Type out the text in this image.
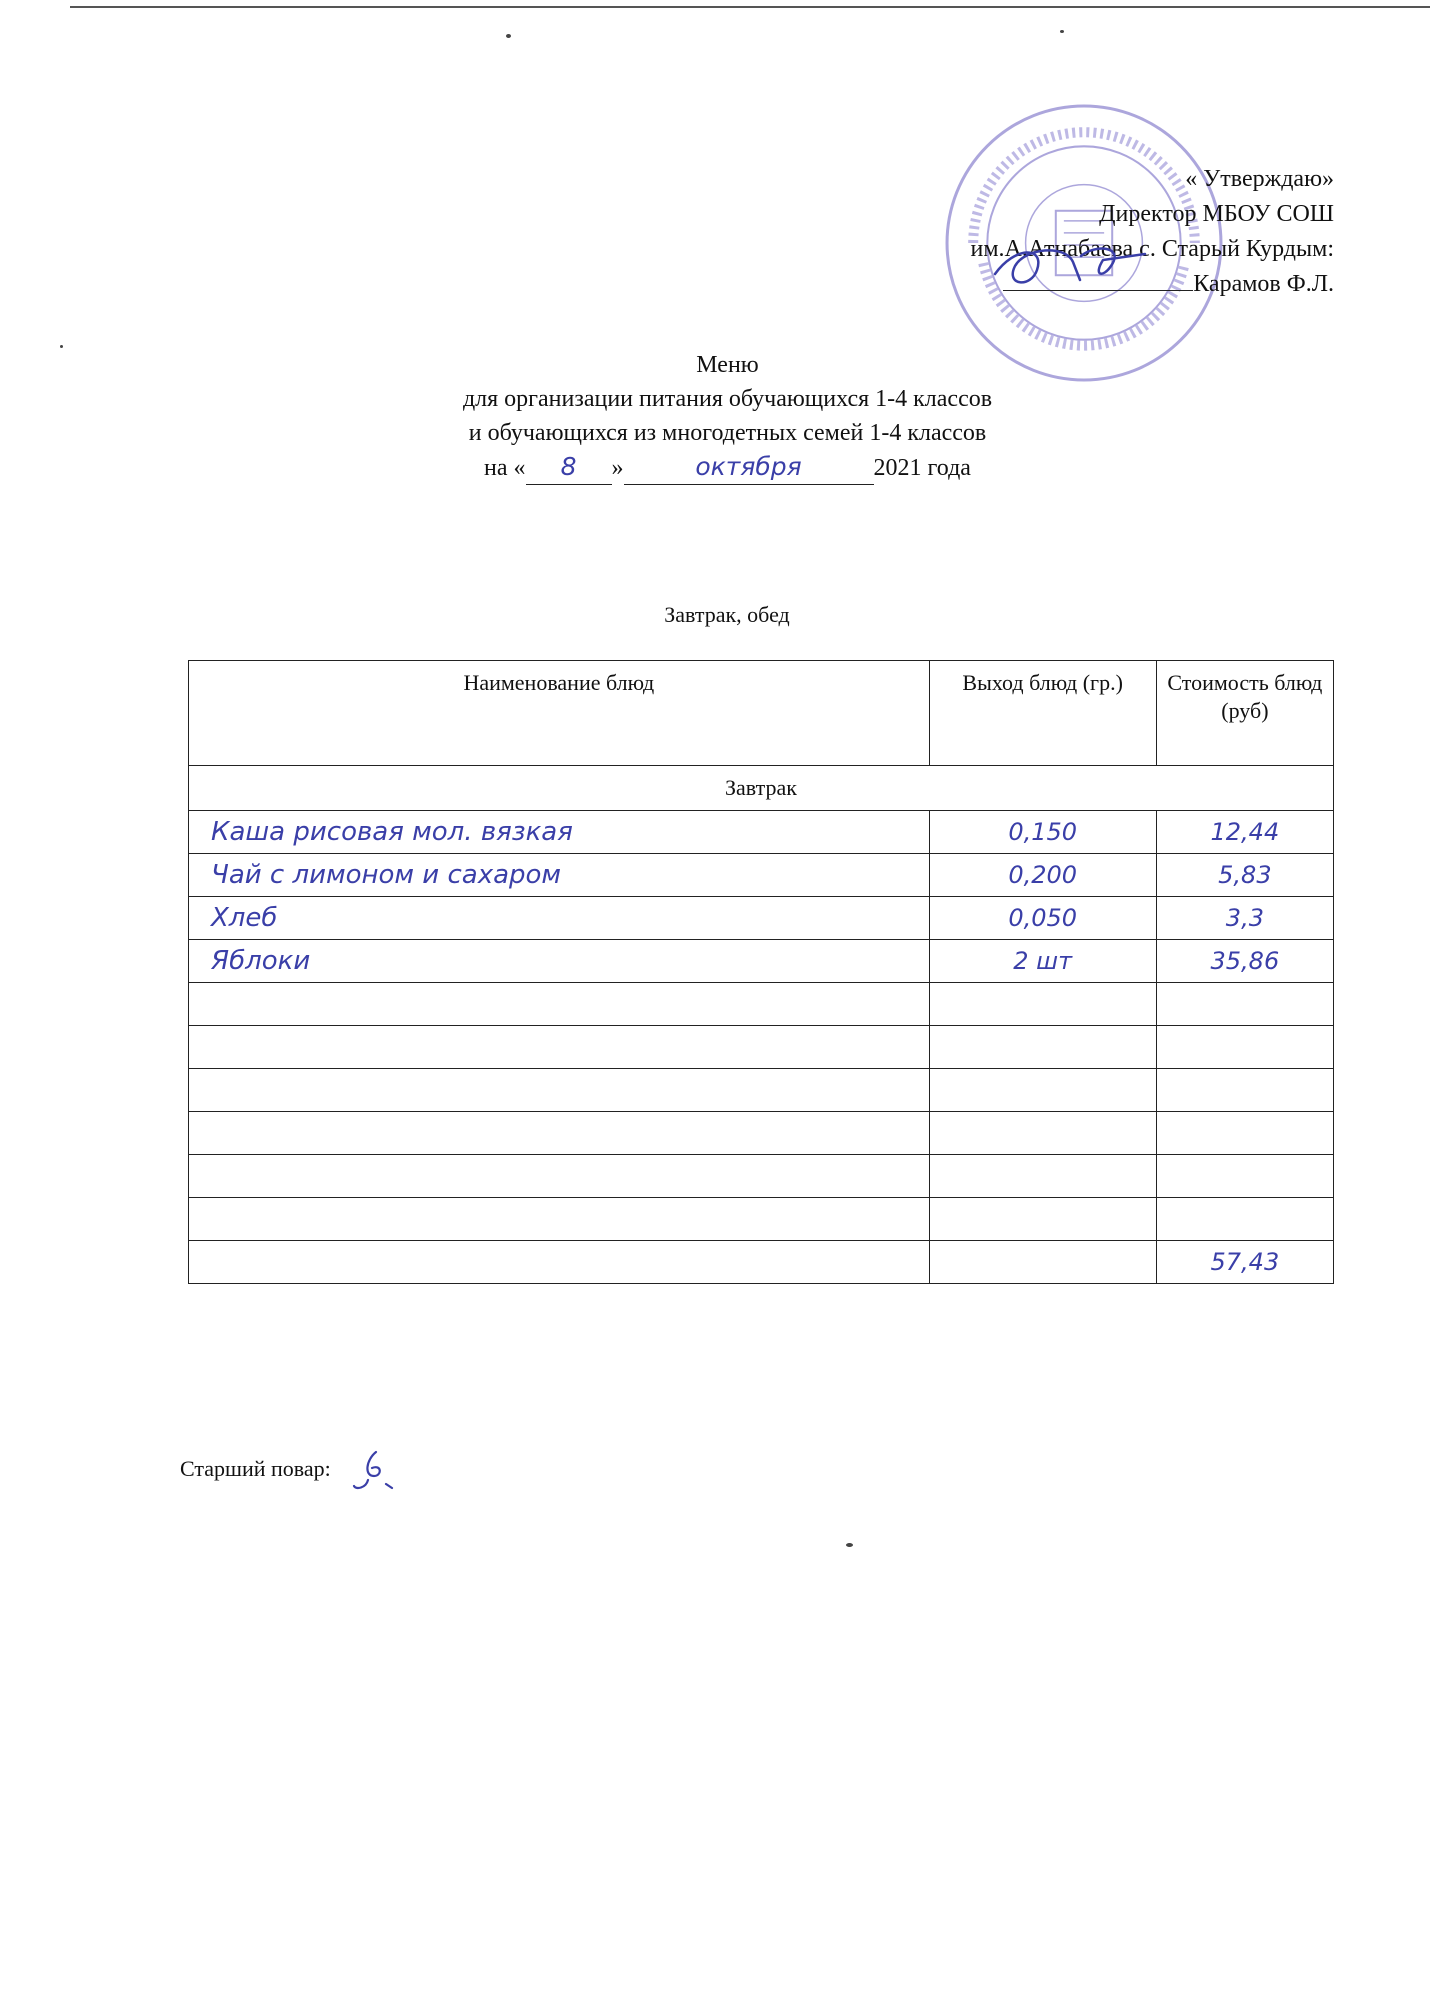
« Утверждаю»
Директор МБОУ СОШ
им.А.Атнабаева с. Старый Курдым:
Карамов Ф.Л.
Меню
для организации питания обучающихся 1-4 классов
и обучающихся из многодетных семей 1-4 классов
на « 8 »	октября	2021 года
Завтрак, обед
Наименование блюд	Выход блюд (гр.)	Стоимость блюд (руб)
Завтрак		
Каша рисовая мол. вязкая	0,150	12,44
Чай с лимоном и сахаром	0,200	5,83
Хлеб	0,050	3,3
Яблоки	2 шт	35,86

		57,43
Старший повар:
